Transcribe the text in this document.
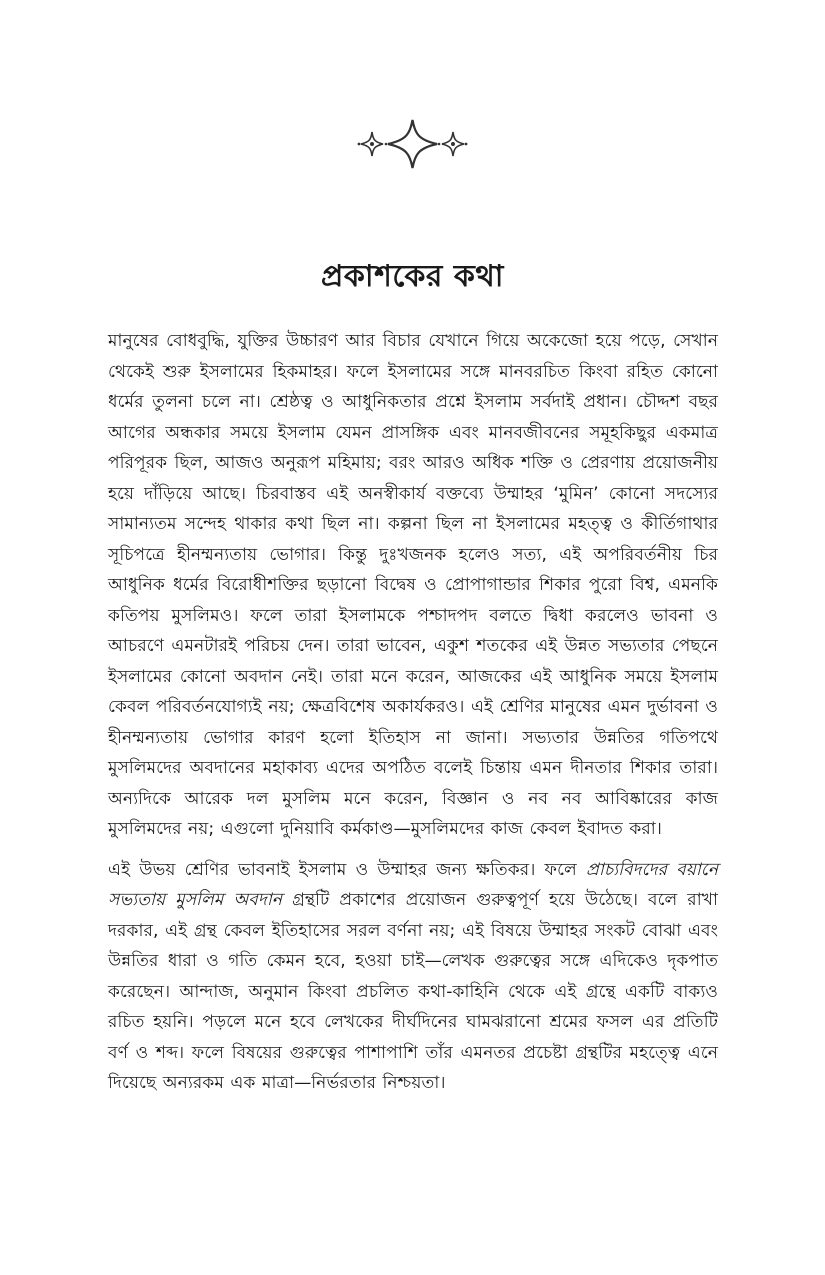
প্রকাশকের কথা

মানুষের বোধবুদ্ধি, যুক্তির উচ্চারণ আর বিচার যেখানে গিয়ে অকেজো হয়ে পড়ে, সেখান থেকেই শুরু ইসলামের হিকমাহর। ফলে ইসলামের সঙ্গে মানবরচিত কিংবা রহিত কোনো ধর্মের তুলনা চলে না। শ্রেষ্ঠত্ব ও আধুনিকতার প্রশ্নে ইসলাম সর্বদাই প্রধান। চৌদ্দশ বছর আগের অন্ধকার সময়ে ইসলাম যেমন প্রাসঙ্গিক এবং মানবজীবনের সমূহকিছুর একমাত্র পরিপূরক ছিল, আজও অনুরূপ মহিমায়; বরং আরও অধিক শক্তি ও প্রেরণায় প্রয়োজনীয় হয়ে দাঁড়িয়ে আছে। চিরবাস্তব এই অনস্বীকার্য বক্তব্যে উম্মাহর ‘মুমিন’ কোনো সদস্যের সামান্যতম সন্দেহ থাকার কথা ছিল না। কল্পনা ছিল না ইসলামের মহত্ত্ব ও কীর্তিগাথার সূচিপত্রে হীনম্মন্যতায় ভোগার। কিন্তু দুঃখজনক হলেও সত্য, এই অপরিবর্তনীয় চির আধুনিক ধর্মের বিরোধীশক্তির ছড়ানো বিদ্বেষ ও প্রোপাগান্ডার শিকার পুরো বিশ্ব, এমনকি কতিপয় মুসলিমও। ফলে তারা ইসলামকে পশ্চাদপদ বলতে দ্বিধা করলেও ভাবনা ও আচরণে এমনটারই পরিচয় দেন। তারা ভাবেন, একুশ শতকের এই উন্নত সভ্যতার পেছনে ইসলামের কোনো অবদান নেই। তারা মনে করেন, আজকের এই আধুনিক সময়ে ইসলাম কেবল পরিবর্তনযোগ্যই নয়; ক্ষেত্রবিশেষ অকার্যকরও। এই শ্রেণির মানুষের এমন দুর্ভাবনা ও হীনম্মন্যতায় ভোগার কারণ হলো ইতিহাস না জানা। সভ্যতার উন্নতির গতিপথে মুসলিমদের অবদানের মহাকাব্য এদের অপঠিত বলেই চিন্তায় এমন দীনতার শিকার তারা। অন্যদিকে আরেক দল মুসলিম মনে করেন, বিজ্ঞান ও নব নব আবিষ্কারের কাজ মুসলিমদের নয়; এগুলো দুনিয়াবি কর্মকাণ্ড—মুসলিমদের কাজ কেবল ইবাদত করা।

এই উভয় শ্রেণির ভাবনাই ইসলাম ও উম্মাহর জন্য ক্ষতিকর। ফলে প্রাচ্যবিদদের বয়ানে সভ্যতায় মুসলিম অবদান গ্রন্থটি প্রকাশের প্রয়োজন গুরুত্বপূর্ণ হয়ে উঠেছে। বলে রাখা দরকার, এই গ্রন্থ কেবল ইতিহাসের সরল বর্ণনা নয়; এই বিষয়ে উম্মাহর সংকট বোঝা এবং উন্নতির ধারা ও গতি কেমন হবে, হওয়া চাই—লেখক গুরুত্বের সঙ্গে এদিকেও দৃকপাত করেছেন। আন্দাজ, অনুমান কিংবা প্রচলিত কথা-কাহিনি থেকে এই গ্রন্থে একটি বাক্যও রচিত হয়নি। পড়লে মনে হবে লেখকের দীর্ঘদিনের ঘামঝরানো শ্রমের ফসল এর প্রতিটি বর্ণ ও শব্দ। ফলে বিষয়ের গুরুত্বের পাশাপাশি তাঁর এমনতর প্রচেষ্টা গ্রন্থটির মহত্ত্বে এনে দিয়েছে অন্যরকম এক মাত্রা—নির্ভরতার নিশ্চয়তা।
